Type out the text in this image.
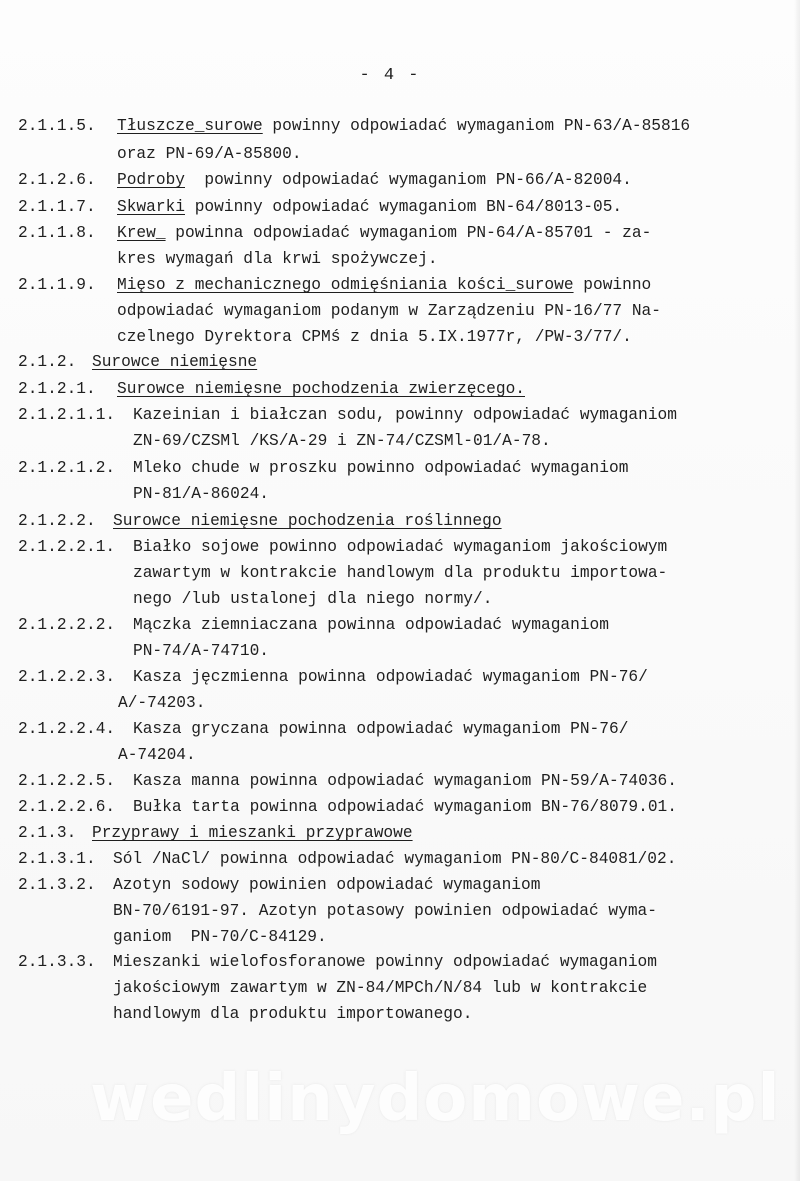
- 4 -
2.1.1.5. Tłuszcze_surowe powinny odpowiadać wymaganiom PN-63/A-85816
oraz PN-69/A-85800.
2.1.2.6. Podroby  powinny odpowiadać wymaganiom PN-66/A-82004.
2.1.1.7. Skwarki powinny odpowiadać wymaganiom BN-64/8013-05.
2.1.1.8. Krew_ powinna odpowiadać wymaganiom PN-64/A-85701 - za-
kres wymagań dla krwi spożywczej.
2.1.1.9. Mięso z mechanicznego odmięśniania kości_surowe powinno
odpowiadać wymaganiom podanym w Zarządzeniu PN-16/77 Na-
czelnego Dyrektora CPMś z dnia 5.IX.1977r, /PW-3/77/.
2.1.2. Surowce niemięsne
2.1.2.1. Surowce niemięsne pochodzenia zwierzęcego.
2.1.2.1.1. Kazeinian i białczan sodu, powinny odpowiadać wymaganiom
ZN-69/CZSMl /KS/A-29 i ZN-74/CZSMl-01/A-78.
2.1.2.1.2. Mleko chude w proszku powinno odpowiadać wymaganiom
PN-81/A-86024.
2.1.2.2. Surowce niemięsne pochodzenia roślinnego
2.1.2.2.1. Białko sojowe powinno odpowiadać wymaganiom jakościowym
zawartym w kontrakcie handlowym dla produktu importowa-
nego /lub ustalonej dla niego normy/.
2.1.2.2.2. Mączka ziemniaczana powinna odpowiadać wymaganiom
PN-74/A-74710.
2.1.2.2.3. Kasza jęczmienna powinna odpowiadać wymaganiom PN-76/
A/-74203.
2.1.2.2.4. Kasza gryczana powinna odpowiadać wymaganiom PN-76/
A-74204.
2.1.2.2.5. Kasza manna powinna odpowiadać wymaganiom PN-59/A-74036.
2.1.2.2.6. Bułka tarta powinna odpowiadać wymaganiom BN-76/8079.01.
2.1.3. Przyprawy i mieszanki przyprawowe
2.1.3.1. Sól /NaCl/ powinna odpowiadać wymaganiom PN-80/C-84081/02.
2.1.3.2. Azotyn sodowy powinien odpowiadać wymaganiom
BN-70/6191-97. Azotyn potasowy powinien odpowiadać wyma-
ganiom  PN-70/C-84129.
2.1.3.3. Mieszanki wielofosforanowe powinny odpowiadać wymaganiom
jakościowym zawartym w ZN-84/MPCh/N/84 lub w kontrakcie
handlowym dla produktu importowanego.
wedlinydomowe.pl
